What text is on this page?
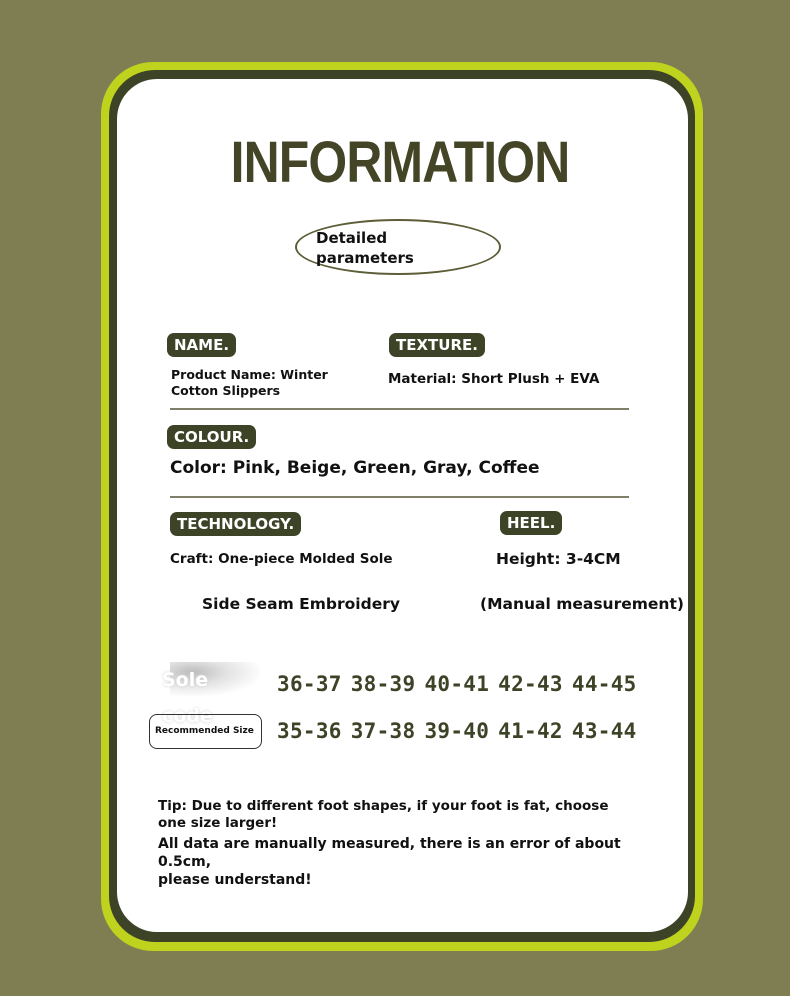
INFORMATION
Detailed
parameters
NAME.
Product Name: Winter
Cotton Slippers
TEXTURE.
Material: Short Plush + EVA
COLOUR.
Color: Pink, Beige, Green, Gray, Coffee
TECHNOLOGY.
Craft: One-piece Molded Sole
Side Seam Embroidery
HEEL.
Height: 3-4CM
(Manual measurement)
Sole code
36-37 38-39 40-41 42-43 44-45
Recommended Size	35-36 37-38 39-40 41-42 43-44
Tip: Due to different foot shapes, if your foot is fat, choose
one size larger!
All data are manually measured, there is an error of about 0.5cm,
please understand!
